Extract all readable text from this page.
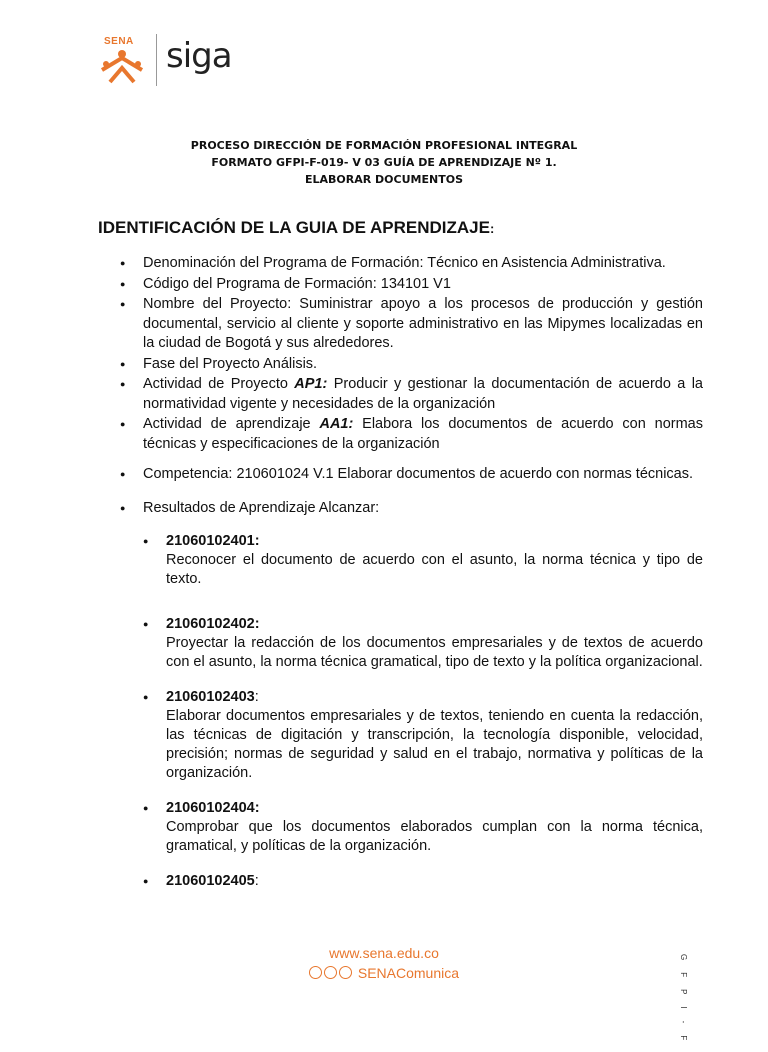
SENA siga
PROCESO DIRECCIÓN DE FORMACIÓN PROFESIONAL INTEGRAL
FORMATO GFPI-F-019- V 03 GUÍA DE APRENDIZAJE Nº 1.
ELABORAR DOCUMENTOS
IDENTIFICACIÓN DE LA GUIA DE APRENDIZAJE:
● Denominación del Programa de Formación: Técnico en Asistencia Administrativa.
● Código del Programa de Formación: 134101 V1
● Nombre del Proyecto: Suministrar apoyo a los procesos de producción y gestión documental, servicio al cliente y soporte administrativo en las Mipymes localizadas en la ciudad de Bogotá y sus alrededores.
● Fase del Proyecto Análisis.
● Actividad de Proyecto AP1: Producir y gestionar la documentación de acuerdo a la normatividad vigente y necesidades de la organización
● Actividad de aprendizaje AA1: Elabora los documentos de acuerdo con normas técnicas y especificaciones de la organización
● Competencia: 210601024 V.1 Elaborar documentos de acuerdo con normas técnicas.
● Resultados de Aprendizaje Alcanzar:
● 21060102401:
Reconocer el documento de acuerdo con el asunto, la norma técnica y tipo de texto.
● 21060102402:
Proyectar la redacción de los documentos empresariales y de textos de acuerdo con el asunto, la norma técnica gramatical, tipo de texto y la política organizacional.
● 21060102403:
Elaborar documentos empresariales y de textos, teniendo en cuenta la redacción, las técnicas de digitación y transcripción, la tecnología disponible, velocidad, precisión; normas de seguridad y salud en el trabajo, normativa y políticas de la organización.
● 21060102404:
Comprobar que los documentos elaborados cumplan con la norma técnica, gramatical, y políticas de la organización.
● 21060102405:
www.sena.edu.co
SENAComunica	GFPI-F
